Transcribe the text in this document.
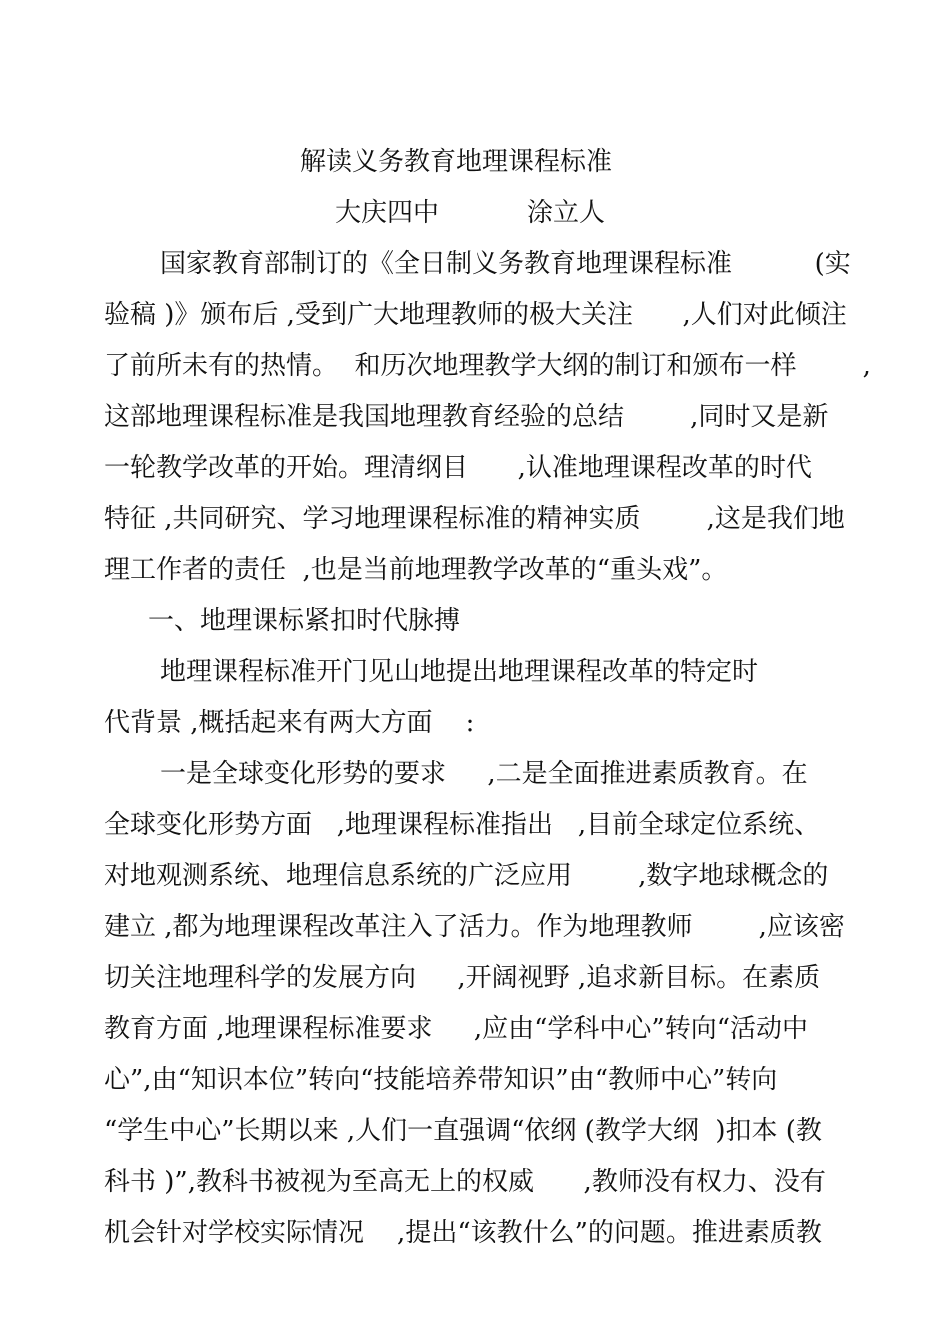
解读义务教育地理课程标准
大庆四中	涂立人
国家教育部制订的《全日制义务教育地理课程标准          (实
验稿 )》颁布后 ,受到广大地理教师的极大关注      ,人们对此倾注
了前所未有的热情。  和历次地理教学大纲的制订和颁布一样        ,
这部地理课程标准是我国地理教育经验的总结        ,同时又是新
一轮教学改革的开始。理清纲目      ,认准地理课程改革的时代
特征 ,共同研究、学习地理课程标准的精神实质        ,这是我们地
理工作者的责任  ,也是当前地理教学改革的“重头戏”。
一、地理课标紧扣时代脉搏
地理课程标准开门见山地提出地理课程改革的特定时
代背景 ,概括起来有两大方面    :
一是全球变化形势的要求     ,二是全面推进素质教育。在
全球变化形势方面   ,地理课程标准指出   ,目前全球定位系统、
对地观测系统、地理信息系统的广泛应用        ,数字地球概念的
建立 ,都为地理课程改革注入了活力。作为地理教师        ,应该密
切关注地理科学的发展方向     ,开阔视野 ,追求新目标。在素质
教育方面 ,地理课程标准要求     ,应由“学科中心”转向“活动中
心”,由“知识本位”转向“技能培养带知识”由“教师中心”转向
“学生中心”长期以来 ,人们一直强调“依纲 (教学大纲  )扣本 (教
科书 )”,教科书被视为至高无上的权威      ,教师没有权力、没有
机会针对学校实际情况    ,提出“该教什么”的问题。推进素质教
